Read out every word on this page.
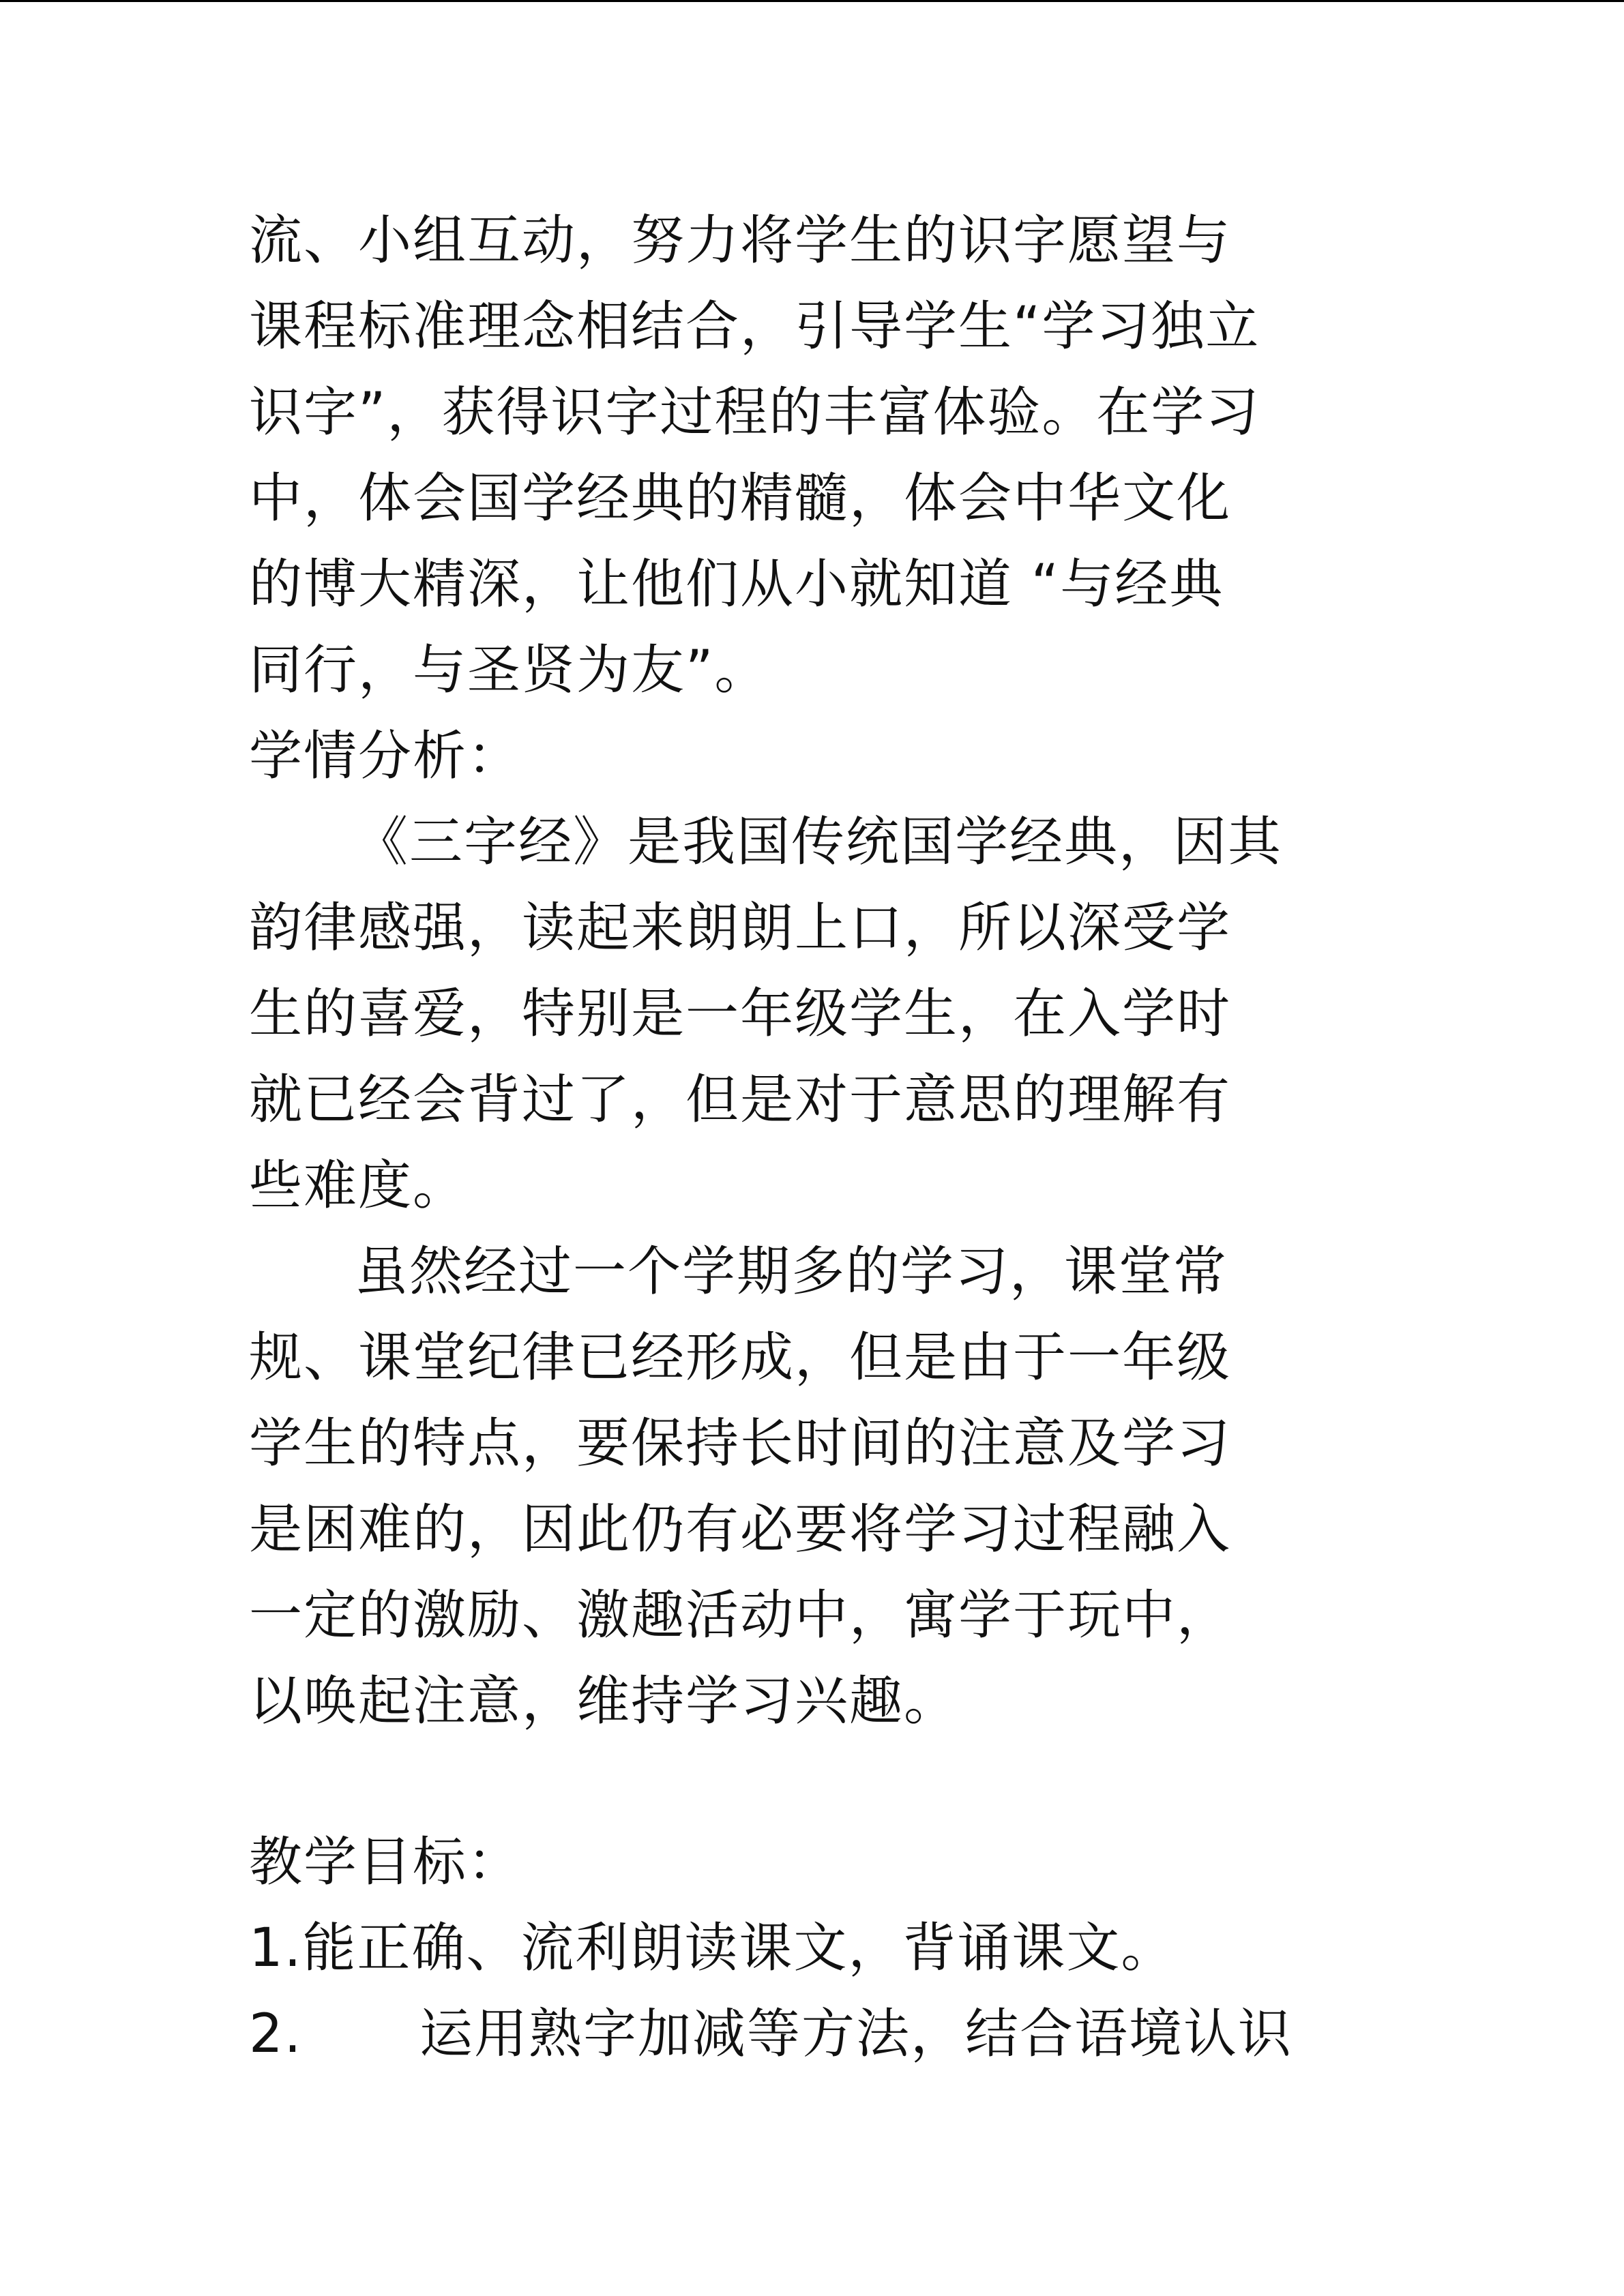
流、小组互动，努力将学生的识字愿望与
课程标准理念相结合，引导学生“学习独立
识字”，获得识字过程的丰富体验。在学习
中，体会国学经典的精髓，体会中华文化
的博大精深，让他们从小就知道 “与经典
同行，与圣贤为友”。
学情分析：
《三字经》是我国传统国学经典，因其
韵律感强，读起来朗朗上口，所以深受学
生的喜爱，特别是一年级学生，在入学时
就已经会背过了，但是对于意思的理解有
些难度。
虽然经过一个学期多的学习，课堂常
规、课堂纪律已经形成，但是由于一年级
学生的特点，要保持长时间的注意及学习
是困难的，因此仍有必要将学习过程融入
一定的激励、激趣活动中，寓学于玩中，
以唤起注意，维持学习兴趣。
教学目标：
1.能正确、流利朗读课文，背诵课文。
2. 运用熟字加减等方法，结合语境认识
